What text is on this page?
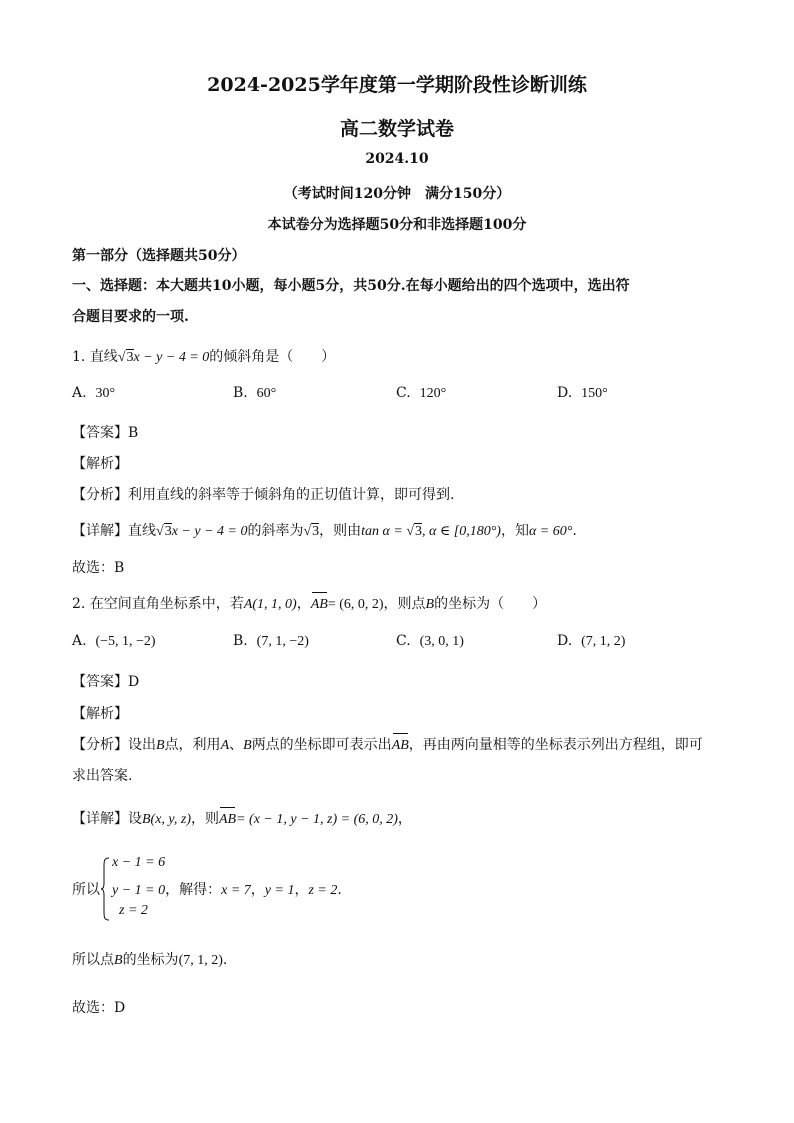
2024-2025学年度第一学期阶段性诊断训练
高二数学试卷
2024.10
（考试时间120分钟　满分150分）
本试卷分为选择题50分和非选择题100分
第一部分（选择题共50分）
一、选择题：本大题共10小题，每小题5分，共50分.在每小题给出的四个选项中，选出符
合题目要求的一项.
1. 直线√3x − y − 4 = 0的倾斜角是（　　）
A. 30°	B. 60°	C. 120°	D. 150°
【答案】B
【解析】
【分析】利用直线的斜率等于倾斜角的正切值计算，即可得到.
【详解】直线√3x − y − 4 = 0的斜率为√3，则由tan α = √3, α ∈ [0,180°)，知α = 60°.
故选：B
2. 在空间直角坐标系中，若A(1, 1, 0)，
AB= (6, 0, 2)，则点B的坐标为（　　）
A. (−5, 1, −2)	B. (7, 1, −2)	C. (3, 0, 1)	D. (7, 1, 2)
【答案】D
【解析】
【分析】设出B点，利用A、B两点的坐标即可表示出
AB，再由两向量相等的坐标表示列出方程组，即可
求出答案.
【详解】设B(x, y, z)，则
AB= (x − 1, y − 1, z) = (6, 0, 2)，
所以
x − 1 = 6
y − 1 = 0，解得：x = 7，y = 1，z = 2.
z = 2
所以点B的坐标为(7, 1, 2).
故选：D
